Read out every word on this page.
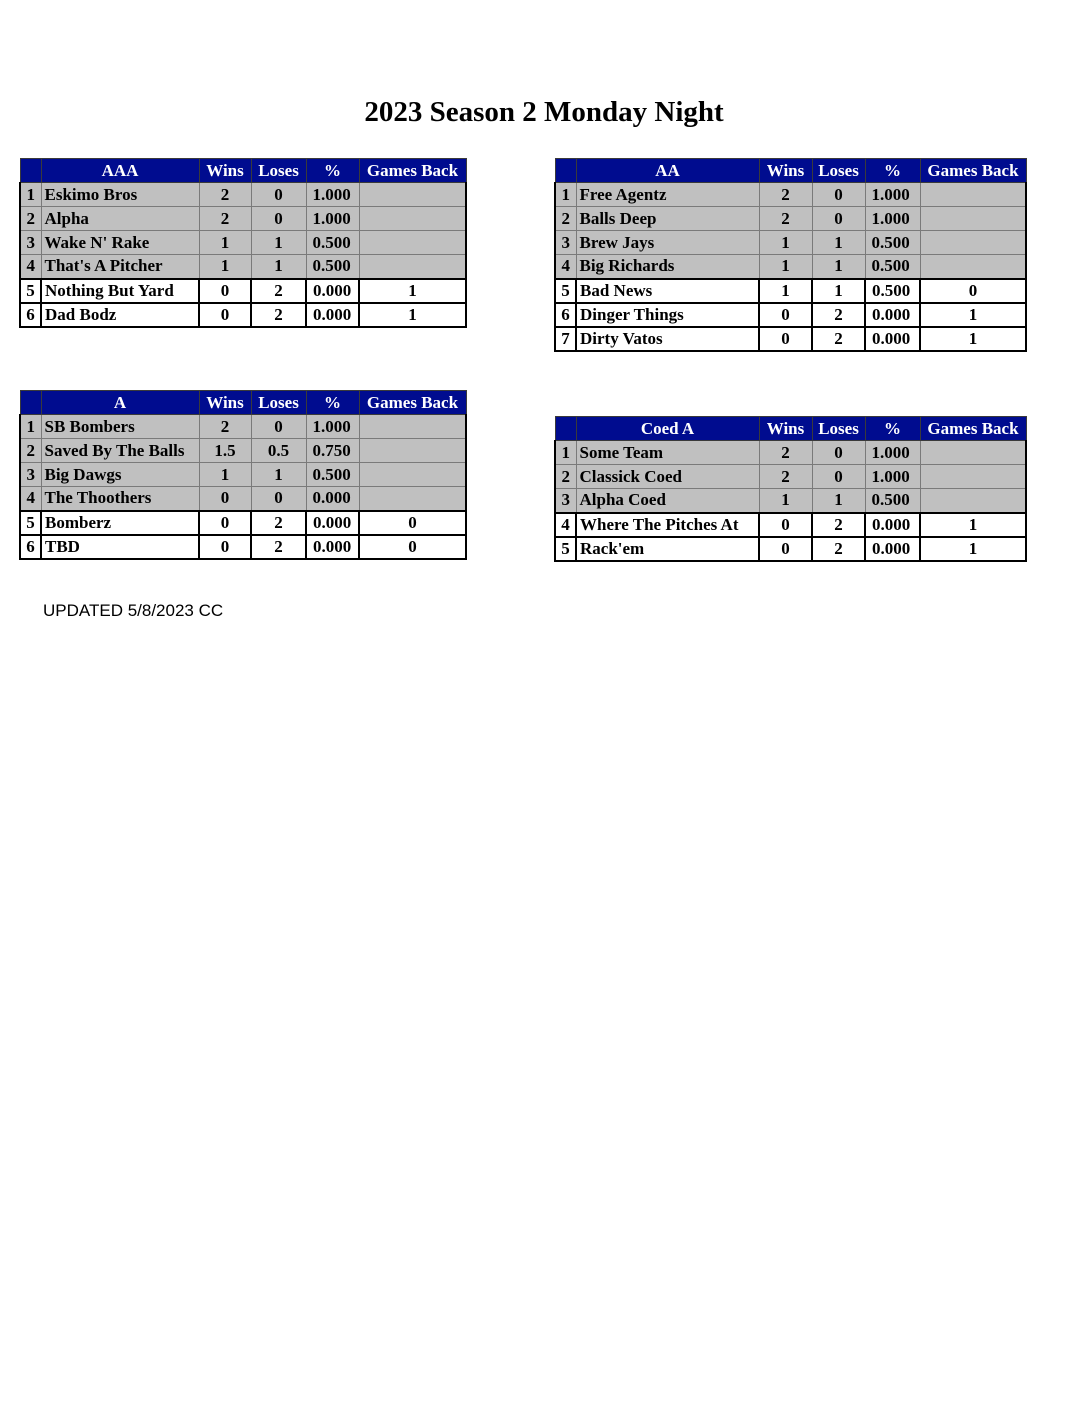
2023 Season 2 Monday Night
	AAA	Wins	Loses	%	Games Back
1	Eskimo Bros	2	0	1.000	
2	Alpha	2	0	1.000	
3	Wake N' Rake	1	1	0.500	
4	That's A Pitcher	1	1	0.500	
5	Nothing But Yard	0	2	0.000	1
6	Dad Bodz	0	2	0.000	1
	AA	Wins	Loses	%	Games Back
1	Free Agentz	2	0	1.000	
2	Balls Deep	2	0	1.000	
3	Brew Jays	1	1	0.500	
4	Big Richards	1	1	0.500	
5	Bad News	1	1	0.500	0
6	Dinger Things	0	2	0.000	1
7	Dirty Vatos	0	2	0.000	1
	A	Wins	Loses	%	Games Back
1	SB Bombers	2	0	1.000	
2	Saved By The Balls	1.5	0.5	0.750	
3	Big Dawgs	1	1	0.500	
4	The Thoothers	0	0	0.000	
5	Bomberz	0	2	0.000	0
6	TBD	0	2	0.000	0
	Coed A	Wins	Loses	%	Games Back
1	Some Team	2	0	1.000	
2	Classick Coed	2	0	1.000	
3	Alpha Coed	1	1	0.500	
4	Where The Pitches At	0	2	0.000	1
5	Rack'em	0	2	0.000	1
UPDATED 5/8/2023 CC
